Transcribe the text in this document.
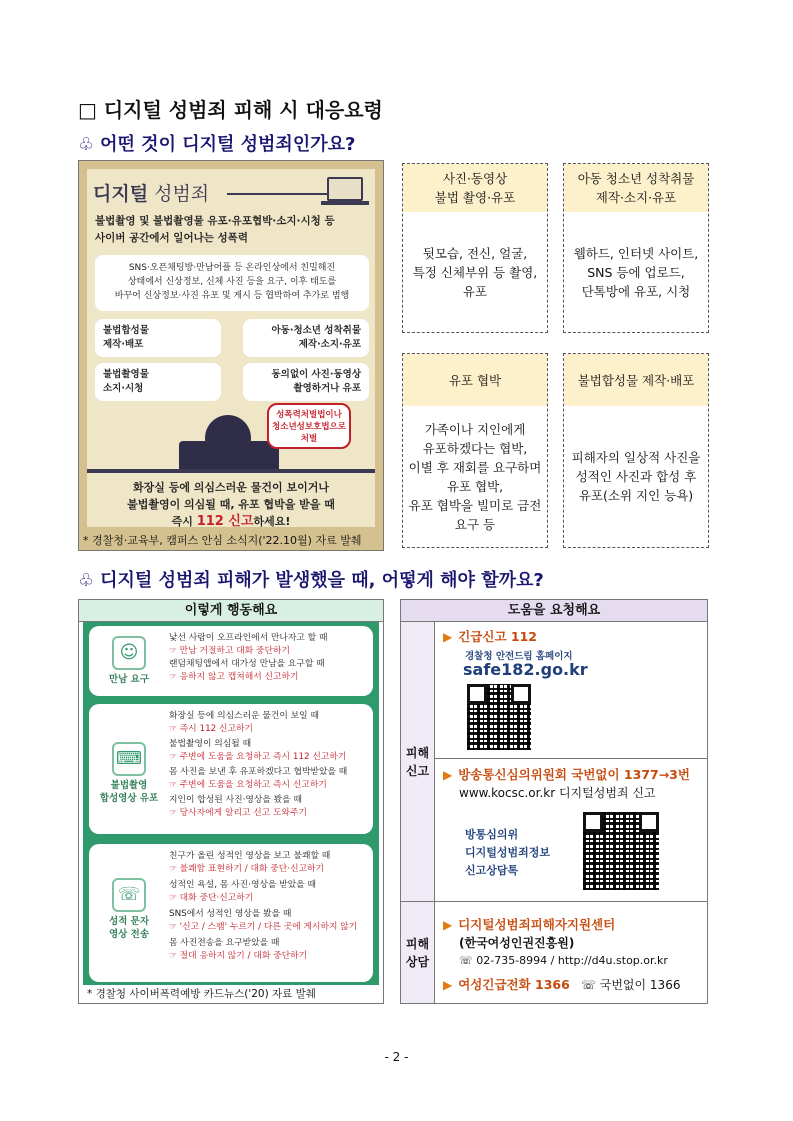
□ 디지털 성범죄 피해 시 대응요령
♧ 어떤 것이 디지털 성범죄인가요?
디지털 성범죄
불법촬영 및 불법촬영물 유포·유포협박·소지·시청 등
사이버 공간에서 일어나는 성폭력
SNS·오픈채팅방·만남어플 등 온라인상에서 친밀해진
상태에서 신상정보, 신체 사진 등을 요구, 이후 태도를
바꾸어 신상정보·사진 유포 및 게시 등 협박하여 추가로 범행
불법합성물
제작·배포
아동·청소년 성착취물
제작·소지·유포
불법촬영물
소지·시청
동의없이 사진·동영상
촬영하거나 유포
성폭력처벌법이나
청소년성보호법으로
처벌
화장실 등에 의심스러운 물건이 보이거나
불법촬영이 의심될 때, 유포 협박을 받을 때
즉시 112 신고하세요!
* 경찰청·교육부, 캠퍼스 안심 소식지('22.10월) 자료 발췌
사진·동영상
불법 촬영·유포
뒷모습, 전신, 얼굴,
특정 신체부위 등 촬영,
유포
아동 청소년 성착취물
제작·소지·유포
웹하드, 인터넷 사이트,
SNS 등에 업로드,
단톡방에 유포, 시청
유포 협박
가족이나 지인에게
유포하겠다는 협박,
이별 후 재회를 요구하며
유포 협박,
유포 협박을 빌미로 금전
요구 등
불법합성물 제작·배포
피해자의 일상적 사진을
성적인 사진과 합성 후
유포(소위 지인 능욕)
♧ 디지털 성범죄 피해가 발생했을 때, 어떻게 해야 할까요?
이렇게 행동해요
☺
만남 요구
낯선 사람이 오프라인에서 만나자고 할 때
☞ 만남 거절하고 대화 중단하기
랜덤채팅앱에서 대가성 만남을 요구할 때
☞ 응하지 않고 캡쳐해서 신고하기
⌨
불법촬영
합성영상 유포
화장실 등에 의심스러운 물건이 보일 때
☞ 즉시 112 신고하기
불법촬영이 의심될 때
☞ 주변에 도움을 요청하고 즉시 112 신고하기
몸 사진을 보낸 후 유포하겠다고 협박받았을 때
☞ 주변에 도움을 요청하고 즉시 신고하기
지인이 합성된 사진·영상을 봤을 때
☞ 당사자에게 알리고 신고 도와주기
☏
성적 문자
영상 전송
친구가 올린 성적인 영상을 보고 불쾌할 때
☞ 불쾌함 표현하기 / 대화 중단·신고하기
성적인 욕설, 몸 사진·영상을 받았을 때
☞ 대화 중단·신고하기
SNS에서 성적인 영상을 봤을 때
☞ '신고 / 스팸' 누르기 / 다른 곳에 게시하지 않기
몸 사진전송을 요구받았을 때
☞ 절대 응하지 않기 / 대화 중단하기
* 경찰청 사이버폭력예방 카드뉴스('20) 자료 발췌
도움을 요청해요
피해
신고
▶ 긴급신고 112
경찰청 안전드림 홈페이지
safe182.go.kr
▶ 방송통신심의위원회 국번없이 1377→3번
www.kocsc.or.kr 디지털성범죄 신고
방통심의위
디지털성범죄정보
신고상담톡
피해
상담
▶ 디지털성범죄피해자지원센터
(한국여성인권진흥원)
☏ 02-735-8994 / http://d4u.stop.or.kr
▶ 여성긴급전화 1366 ☏ 국번없이 1366
- 2 -
